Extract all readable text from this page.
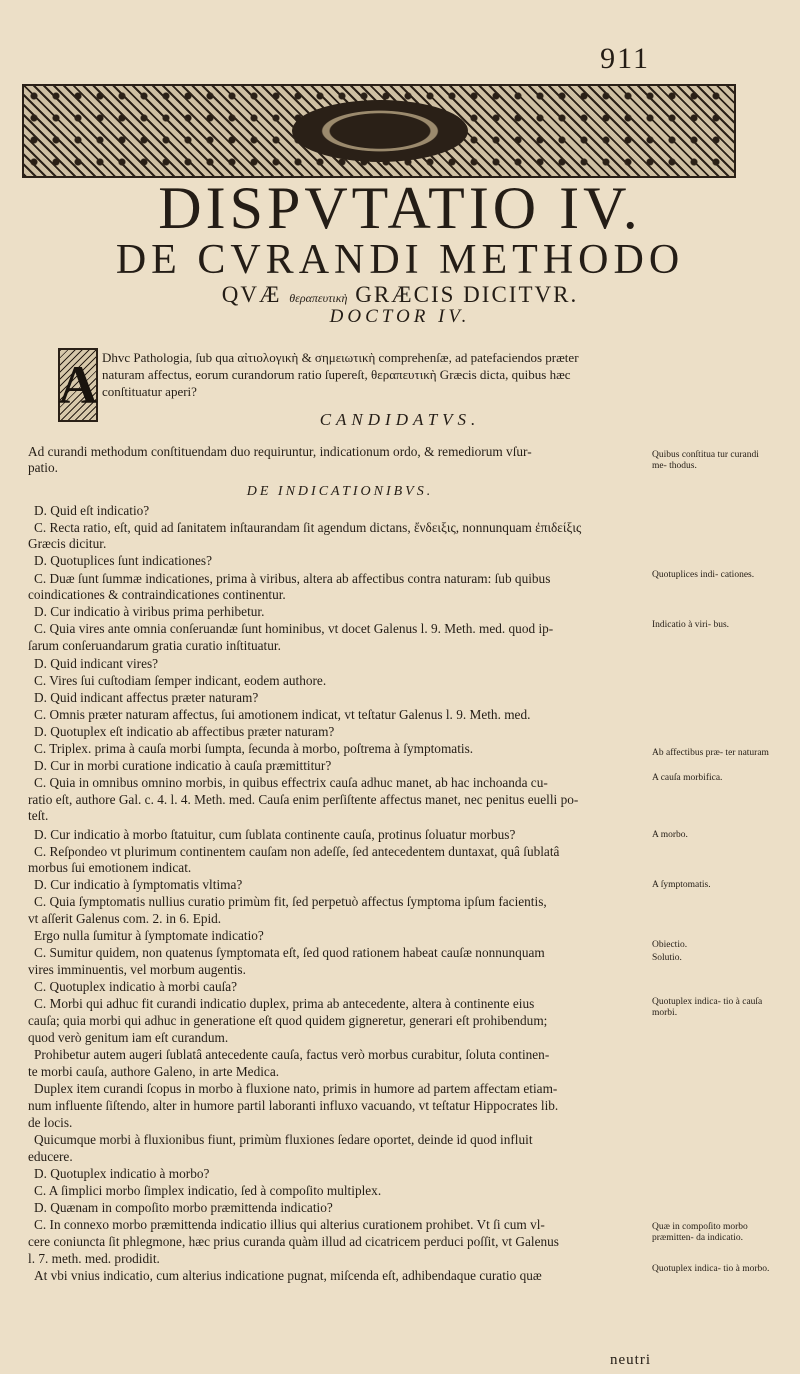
911
DISPVTATIO IV.
DE CVRANDI METHODO
QVÆ θεραπευτικὴ GRÆCIS DICITVR.
DOCTOR IV.
A Dhvc Pathologia, ſub qua αἰτιολογικὴ & σημειωτικὴ comprehenſæ, ad patefaciendos præter
naturam affectus, eorum curandorum ratio ſupereſt, θεραπευτικὴ Græcis dicta, quibus hæc
conſtituatur aperi?
CANDIDATVS.
DE INDICATIONIBVS.
Ad curandi methodum conſtituendam duo requiruntur, indicationum ordo, & remediorum vſur-
patio.
D. Quid eſt indicatio?
C. Recta ratio, eſt, quid ad ſanitatem inſtaurandam ſit agendum dictans, ἔνδειξις, nonnunquam ἐπιδείξις
Græcis dicitur.
D. Quotuplices ſunt indicationes?
C. Duæ ſunt ſummæ indicationes, prima à viribus, altera ab affectibus contra naturam: ſub quibus
coindicationes & contraindicationes continentur.
D. Cur indicatio à viribus prima perhibetur.
C. Quia vires ante omnia conſeruandæ ſunt hominibus, vt docet Galenus l. 9. Meth. med. quod ip-
ſarum conſeruandarum gratia curatio inſtituatur.
D. Quid indicant vires?
C. Vires ſui cuſtodiam ſemper indicant, eodem authore.
D. Quid indicant affectus præter naturam?
C. Omnis præter naturam affectus, ſui amotionem indicat, vt teſtatur Galenus l. 9. Meth. med.
D. Quotuplex eſt indicatio ab affectibus præter naturam?
C. Triplex. prima à cauſa morbi ſumpta, ſecunda à morbo, poſtrema à ſymptomatis.
D. Cur in morbi curatione indicatio à cauſa præmittitur?
C. Quia in omnibus omnino morbis, in quibus effectrix cauſa adhuc manet, ab hac inchoanda cu-
ratio eſt, authore Gal. c. 4. l. 4. Meth. med. Cauſa enim perſiſtente affectus manet, nec penitus euelli po-
teſt.
D. Cur indicatio à morbo ſtatuitur, cum ſublata continente cauſa, protinus ſoluatur morbus?
C. Reſpondeo vt plurimum continentem cauſam non adeſſe, ſed antecedentem duntaxat, quâ ſublatâ
morbus ſui emotionem indicat.
D. Cur indicatio à ſymptomatis vltima?
C. Quia ſymptomatis nullius curatio primùm fit, ſed perpetuò affectus ſymptoma ipſum facientis,
vt aſſerit Galenus com. 2. in 6. Epid.
Ergo nulla ſumitur à ſymptomate indicatio?
C. Sumitur quidem, non quatenus ſymptomata eſt, ſed quod rationem habeat cauſæ nonnunquam
vires imminuentis, vel morbum augentis.
C. Quotuplex indicatio à morbi cauſa?
C. Morbi qui adhuc fit curandi indicatio duplex, prima ab antecedente, altera à continente eius
cauſa; quia morbi qui adhuc in generatione eſt quod quidem gigneretur, generari eſt prohibendum;
quod verò genitum iam eſt curandum.
Prohibetur autem augeri ſublatâ antecedente cauſa, factus verò morbus curabitur, ſoluta continen-
te morbi cauſa, authore Galeno, in arte Medica.
Duplex item curandi ſcopus in morbo à fluxione nato, primis in humore ad partem affectam etiam-
num influente ſiſtendo, alter in humore partil laboranti influxo vacuando, vt teſtatur Hippocrates lib.
de locis.
Quicumque morbi à fluxionibus fiunt, primùm fluxiones ſedare oportet, deinde id quod influit
educere.
D. Quotuplex indicatio à morbo?
C. A ſimplici morbo ſimplex indicatio, ſed à compoſito multiplex.
D. Quænam in compoſito morbo præmittenda indicatio?
C. In connexo morbo præmittenda indicatio illius qui alterius curationem prohibet. Vt ſi cum vl-
cere coniuncta ſit phlegmone, hæc prius curanda quàm illud ad cicatricem perduci poſſit, vt Galenus
l. 7. meth. med. prodidit.
At vbi vnius indicatio, cum alterius indicatione pugnat, miſcenda eſt, adhibendaque curatio quæ
Quibus conſtitua tur curandi me- thodus.
Quotuplices indi- cationes.
Indicatio à viri- bus.
Ab affectibus præ- ter naturam
A cauſa morbifica.
A morbo.
A ſymptomatis.
Obiectio.
Solutio.
Quotuplex indica- tio à cauſa morbi.
Quæ in compoſito morbo præmitten- da indicatio.
Quotuplex indica- tio à morbo.
neutri
